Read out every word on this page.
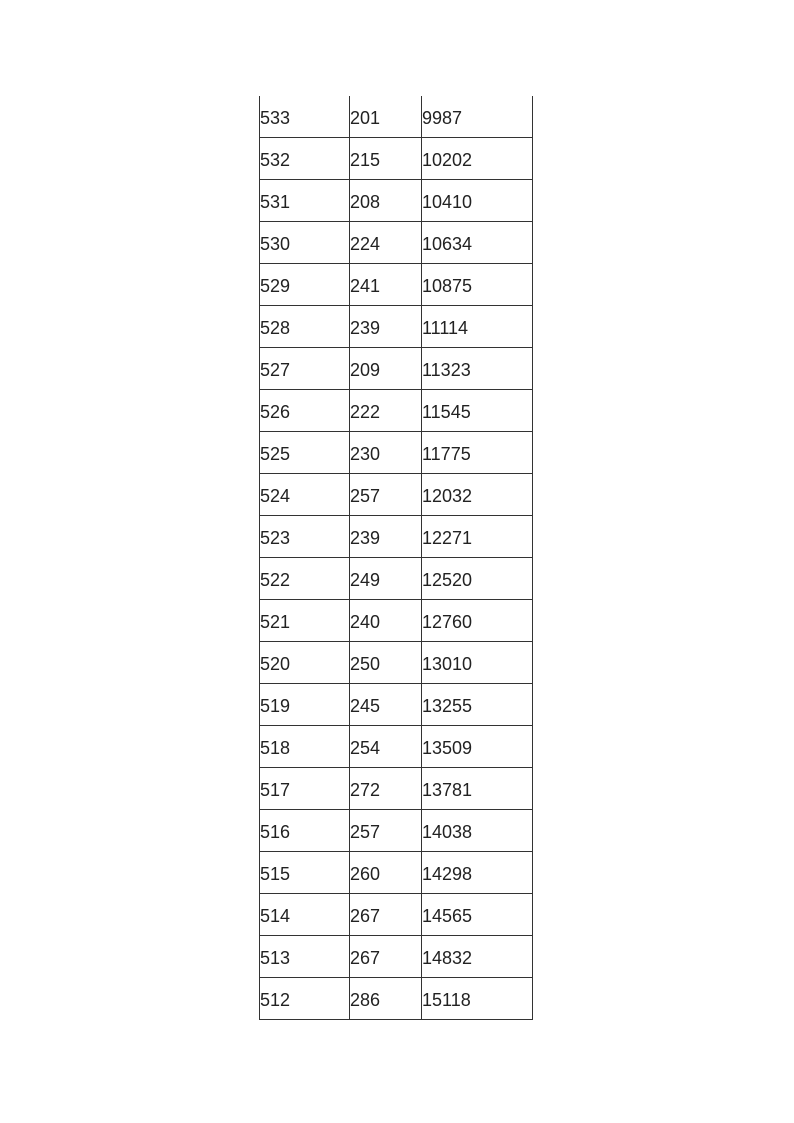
533	201	9987

532	215	10202

531	208	10410

530	224	10634

529	241	10875

528	239	11114

527	209	11323

526	222	11545

525	230	11775

524	257	12032

523	239	12271

522	249	12520

521	240	12760

520	250	13010

519	245	13255

518	254	13509

517	272	13781

516	257	14038

515	260	14298

514	267	14565

513	267	14832

512	286	15118
